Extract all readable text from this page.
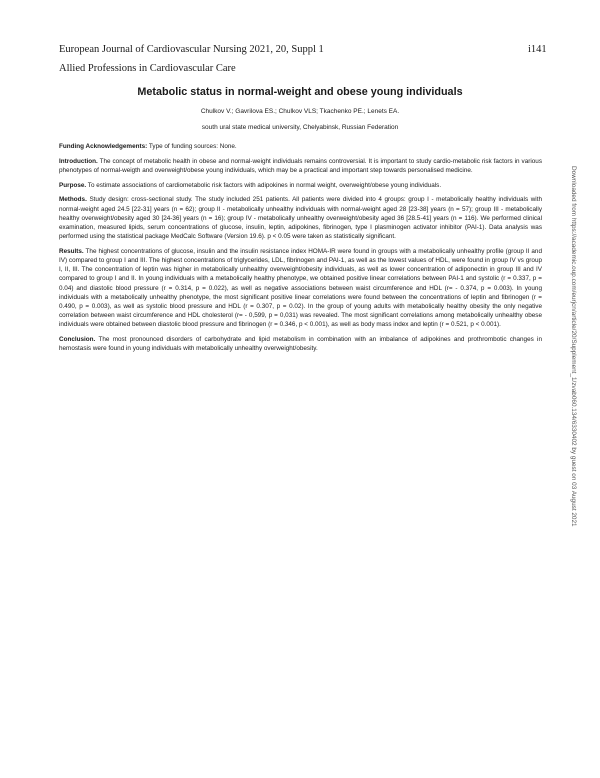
European Journal of Cardiovascular Nursing 2021, 20, Suppl 1	i141
Allied Professions in Cardiovascular Care
Metabolic status in normal-weight and obese young individuals
Chulkov V.; Gavrilova ES.; Chulkov VLS; Tkachenko PE.; Lenets EA.
south ural state medical university, Chelyabinsk, Russian Federation

Funding Acknowledgements: Type of funding sources: None.

Introduction. The concept of metabolic health in obese and normal-weight individuals remains controversial. It is important to study cardio-metabolic risk factors in various phenotypes of normal-weigth and overweight/obese young individuals, which may be a practical and important step towards personalised medicine.

Purpose. To estimate associations of cardiometabolic risk factors with adipokines in normal weight, overweight/obese young individuals.

Methods. Study design: cross-sectional study. The study included 251 patients. All patients were divided into 4 groups: group I - metabolically healthy individuals with normal-weight aged 24.5 [22-31] years (n = 62); group II - metabolically unhealthy individuals with normal-weight aged 28 [23-38] years (n = 57); group III - metabolically healthy overweight/obesity aged 30 [24-36] years (n = 16); group IV - metabolically unhealthy overweight/obesity aged 36 [28.5-41] years (n = 116). We performed clinical examination, measured lipids, serum concentrations of glucose, insulin, leptin, adipokines, fibrinogen, type I plasminogen activator inhibitor (PAI-1). Data analysis was performed using the statistical package MedCalc Software (Version 19.6). p < 0.05 were taken as statistically significant.

Results. The highest concentrations of glucose, insulin and the insulin resistance index HOMA-IR were found in groups with a metabolically unhealthy profile (group II and IV) compared to group I and III. The highest concentrations of triglycerides, LDL, fibrinogen and PAI-1, as well as the lowest values of HDL, were found in group IV vs group I, II, III. The concentration of leptin was higher in metabolically unhealthy overweight/obesity individuals, as well as lower concentration of adiponectin in group III and IV compared to group I and II. In young individuals with a metabolically healthy phenotype, we obtained positive linear correlations between PAI-1 and systolic (r = 0.337, p = 0.04) and diastolic blood pressure (r = 0.314, p = 0.022), as well as negative associations between waist circumference and HDL (r= - 0.374, p = 0.003). In young individuals with a metabolically unhealthy phenotype, the most significant positive linear correlations were found between the concentrations of leptin and fibrinogen (r = 0.490, p = 0.003), as well as systolic blood pressure and HDL (r = 0.307, p = 0.02). In the group of young adults with metabolically healthy obesity the only negative correlation between waist circumference and HDL cholesterol (r= - 0,599, p = 0,031) was revealed. The most significant correlations among metabolically unhealthy obese individuals were obtained between diastolic blood pressure and fibrinogen (r = 0.346, p < 0.001), as well as body mass index and leptin (r = 0.521, p < 0.001).

Conclusion. The most pronounced disorders of carbohydrate and lipid metabolism in combination with an imbalance of adipokines and prothrombotic changes in hemostasis were found in young individuals with metabolically unhealthy overweight/obesity.	Downloaded from https://academic.oup.com/eurjcn/article/20/Supplement_1/zvab060.134/6330402 by guest on 03 August 2021
